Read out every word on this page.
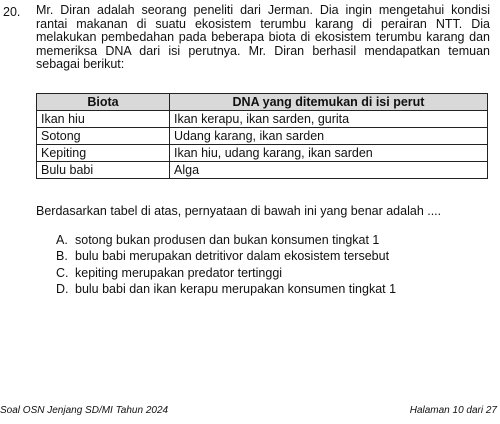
20. Mr. Diran adalah seorang peneliti dari Jerman. Dia ingin mengetahui kondisi rantai makanan di suatu ekosistem terumbu karang di perairan NTT. Dia melakukan pembedahan pada beberapa biota di ekosistem terumbu karang dan memeriksa DNA dari isi perutnya. Mr. Diran berhasil mendapatkan temuan sebagai berikut:
Biota	DNA yang ditemukan di isi perut
Ikan hiu	Ikan kerapu, ikan sarden, gurita
Sotong	Udang karang, ikan sarden
Kepiting	Ikan hiu, udang karang, ikan sarden
Bulu babi	Alga
Berdasarkan tabel di atas, pernyataan di bawah ini yang benar adalah ....
A. sotong bukan produsen dan bukan konsumen tingkat 1
B. bulu babi merupakan detritivor dalam ekosistem tersebut
C. kepiting merupakan predator tertinggi
D. bulu babi dan ikan kerapu merupakan konsumen tingkat 1
Soal OSN Jenjang SD/MI Tahun 2024	Halaman 10 dari 27
